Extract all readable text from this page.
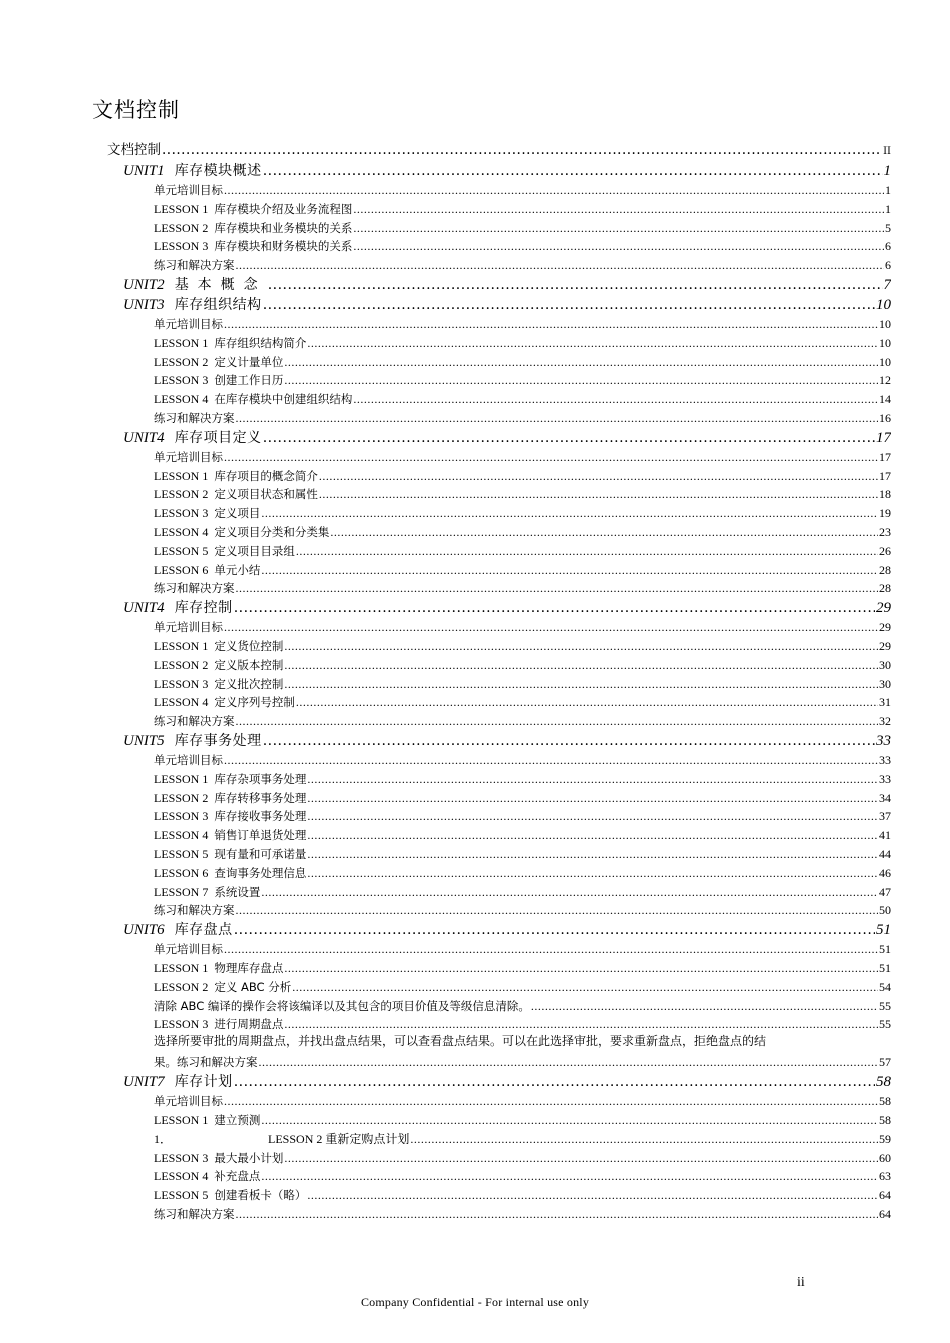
文档控制
文档控制 .....	II
UNIT1 库存模块概述 .....	1
单元培训目标 .....	1
LESSON 1 库存模块介绍及业务流程图 .....	1
LESSON 2 库存模块和业务模块的关系 .....	5
LESSON 3 库存模块和财务模块的关系 .....	6
练习和解决方案 .....	6
UNIT2 基本概念 .....	7
UNIT3 库存组织结构 .....	10
单元培训目标 .....	10
LESSON 1 库存组织结构简介 .....	10
LESSON 2 定义计量单位 .....	10
LESSON 3 创建工作日历 .....	12
LESSON 4 在库存模块中创建组织结构 .....	14
练习和解决方案 .....	16
UNIT4 库存项目定义 .....	17
单元培训目标 .....	17
LESSON 1 库存项目的概念简介 .....	17
LESSON 2 定义项目状态和属性 .....	18
LESSON 3 定义项目 .....	19
LESSON 4 定义项目分类和分类集 .....	23
LESSON 5 定义项目目录组 .....	26
LESSON 6 单元小结 .....	28
练习和解决方案 .....	28
UNIT4 库存控制 .....	29
单元培训目标 .....	29
LESSON 1 定义货位控制 .....	29
LESSON 2 定义版本控制 .....	30
LESSON 3 定义批次控制 .....	30
LESSON 4 定义序列号控制 .....	31
练习和解决方案 .....	32
UNIT5 库存事务处理 .....	33
单元培训目标 .....	33
LESSON 1 库存杂项事务处理 .....	33
LESSON 2 库存转移事务处理 .....	34
LESSON 3 库存接收事务处理 .....	37
LESSON 4 销售订单退货处理 .....	41
LESSON 5 现有量和可承诺量 .....	44
LESSON 6 查询事务处理信息 .....	46
LESSON 7 系统设置 .....	47
练习和解决方案 .....	50
UNIT6 库存盘点 .....	51
单元培训目标 .....	51
LESSON 1 物理库存盘点 .....	51
LESSON 2 定义 ABC 分析 .....	54
清除 ABC 编译的操作会将该编译以及其包含的项目价值及等级信息清除。 .....	55
LESSON 3 进行周期盘点 .....	55
选择所要审批的周期盘点，并找出盘点结果，可以查看盘点结果。可以在此选择审批，要求重新盘点，拒绝盘点的结
果。练习和解决方案 .....	57
UNIT7 库存计划 .....	58
单元培训目标 .....	58
LESSON 1 建立预测 .....	58
1．	LESSON 2 重新定购点计划 .....	59
LESSON 3 最大最小计划 .....	60
LESSON 4 补充盘点 .....	63
LESSON 5 创建看板卡（略） .....	64
练习和解决方案 .....	64
ii
Company Confidential - For internal use only
